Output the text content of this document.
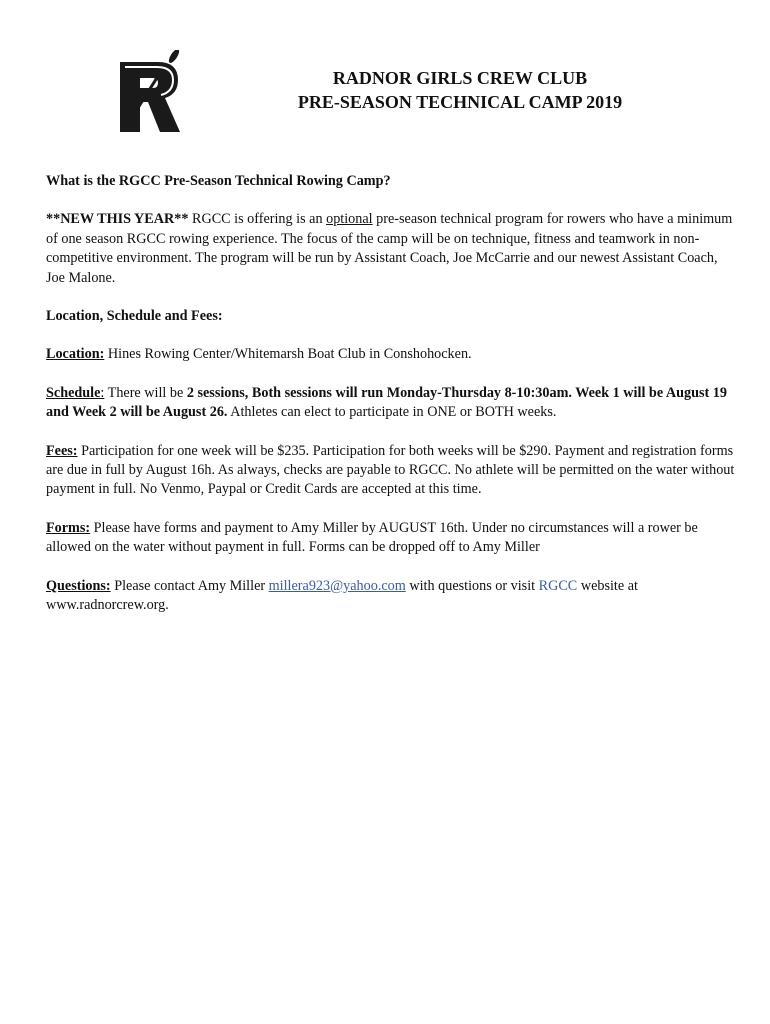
RADNOR GIRLS CREW CLUB
PRE-SEASON TECHNICAL CAMP 2019

What is the RGCC Pre-Season Technical Rowing Camp?

**NEW THIS YEAR** RGCC is offering is an optional pre-season technical program for rowers who have a minimum of one season RGCC rowing experience. The focus of the camp will be on technique, fitness and teamwork in non-competitive environment. The program will be run by Assistant Coach, Joe McCarrie and our newest Assistant Coach, Joe Malone.

Location, Schedule and Fees:

Location: Hines Rowing Center/Whitemarsh Boat Club in Conshohocken.

Schedule: There will be 2 sessions, Both sessions will run Monday-Thursday 8-10:30am. Week 1 will be August 19 and Week 2 will be August 26. Athletes can elect to participate in ONE or BOTH weeks.

Fees: Participation for one week will be $235. Participation for both weeks will be $290. Payment and registration forms are due in full by August 16h. As always, checks are payable to RGCC. No athlete will be permitted on the water without payment in full. No Venmo, Paypal or Credit Cards are accepted at this time.

Forms: Please have forms and payment to Amy Miller by AUGUST 16th. Under no circumstances will a rower be allowed on the water without payment in full. Forms can be dropped off to Amy Miller

Questions: Please contact Amy Miller millera923@yahoo.com with questions or visit RGCC website at www.radnorcrew.org.
